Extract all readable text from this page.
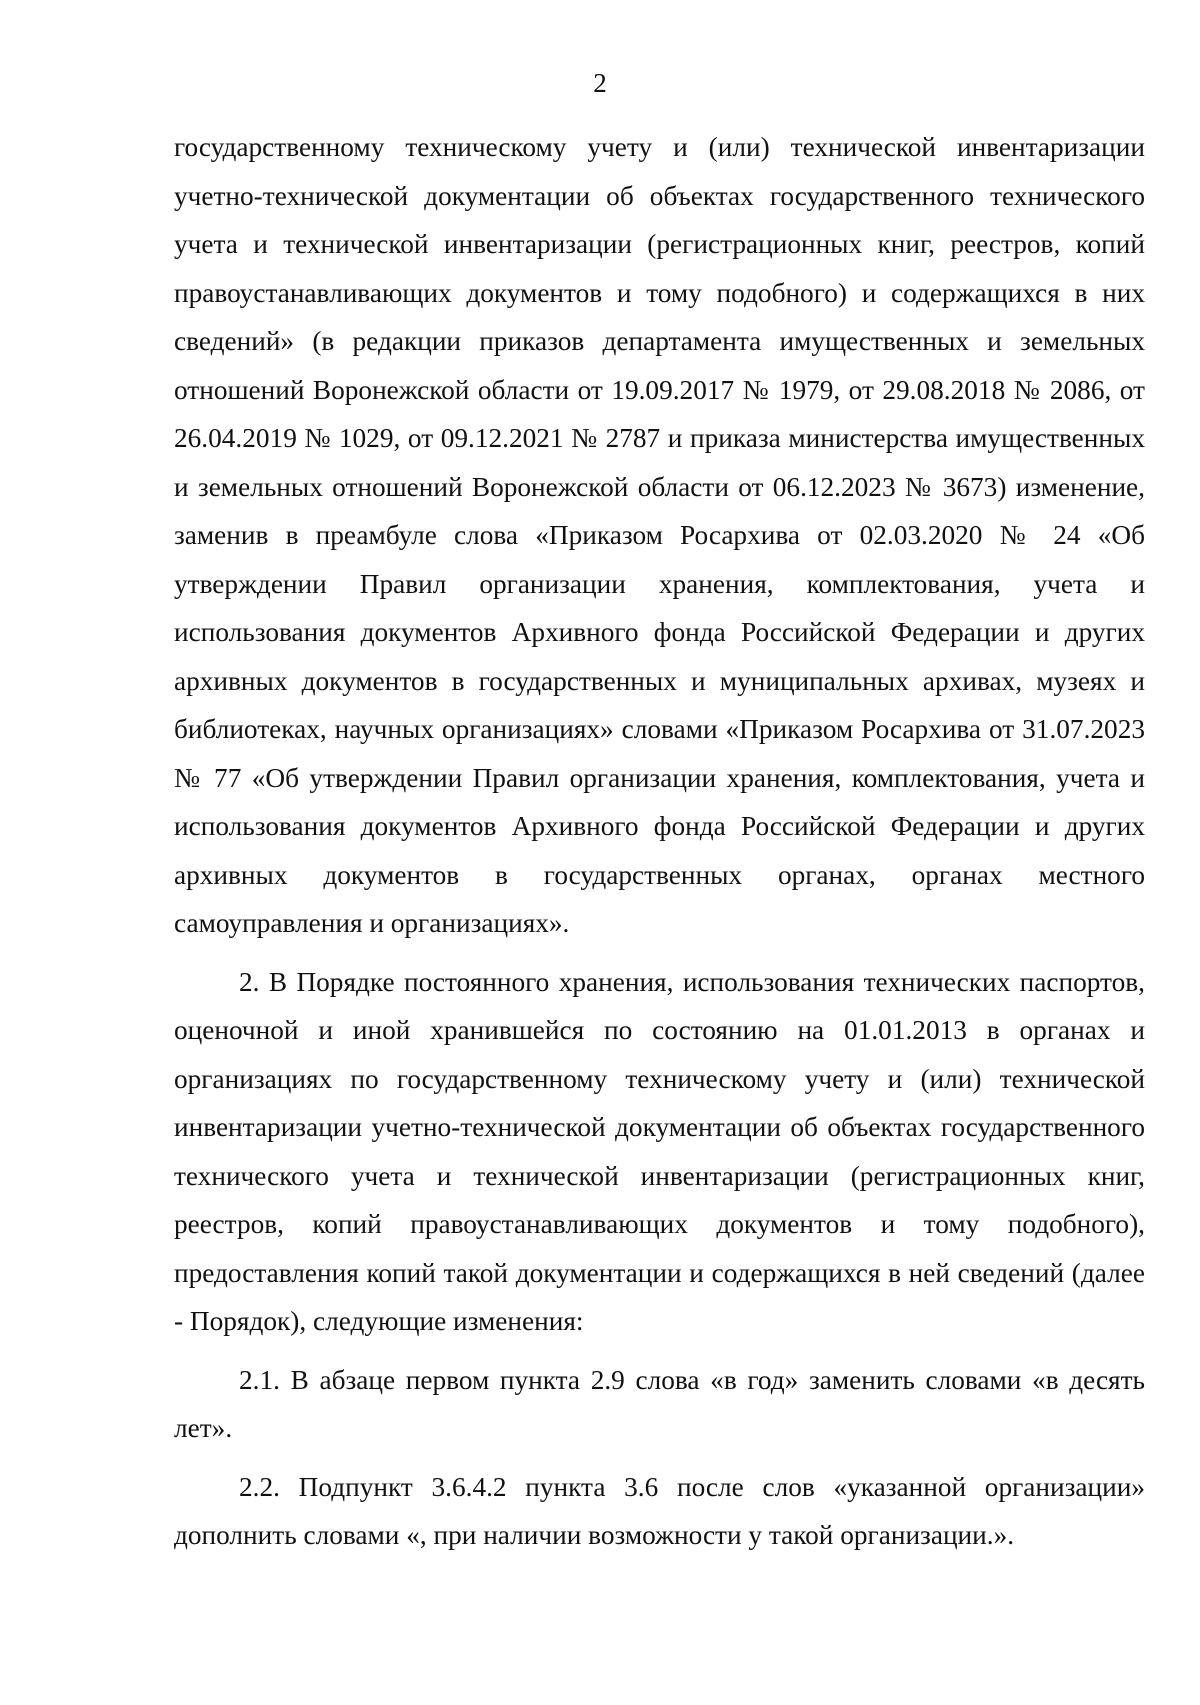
2

государственному техническому учету и (или) технической инвентаризации учетно-технической документации об объектах государственного технического учета и технической инвентаризации (регистрационных книг, реестров, копий правоустанавливающих документов и тому подобного) и содержащихся в них сведений» (в редакции приказов департамента имущественных и земельных отношений Воронежской области от 19.09.2017 № 1979, от 29.08.2018 № 2086, от 26.04.2019 № 1029, от 09.12.2021 № 2787 и приказа министерства имущественных и земельных отношений Воронежской области от 06.12.2023 № 3673) изменение, заменив в преамбуле слова «Приказом Росархива от 02.03.2020 № 24 «Об утверждении Правил организации хранения, комплектования, учета и использования документов Архивного фонда Российской Федерации и других архивных документов в государственных и муниципальных архивах, музеях и библиотеках, научных организациях» словами «Приказом Росархива от 31.07.2023 № 77 «Об утверждении Правил организации хранения, комплектования, учета и использования документов Архивного фонда Российской Федерации и других архивных документов в государственных органах, органах местного самоуправления и организациях».

2. В Порядке постоянного хранения, использования технических паспортов, оценочной и иной хранившейся по состоянию на 01.01.2013 в органах и организациях по государственному техническому учету и (или) технической инвентаризации учетно-технической документации об объектах государственного технического учета и технической инвентаризации (регистрационных книг, реестров, копий правоустанавливающих документов и тому подобного), предоставления копий такой документации и содержащихся в ней сведений (далее - Порядок), следующие изменения:

2.1. В абзаце первом пункта 2.9 слова «в год» заменить словами «в десять лет».

2.2. Подпункт 3.6.4.2 пункта 3.6 после слов «указанной организации» дополнить словами «, при наличии возможности у такой организации.».
